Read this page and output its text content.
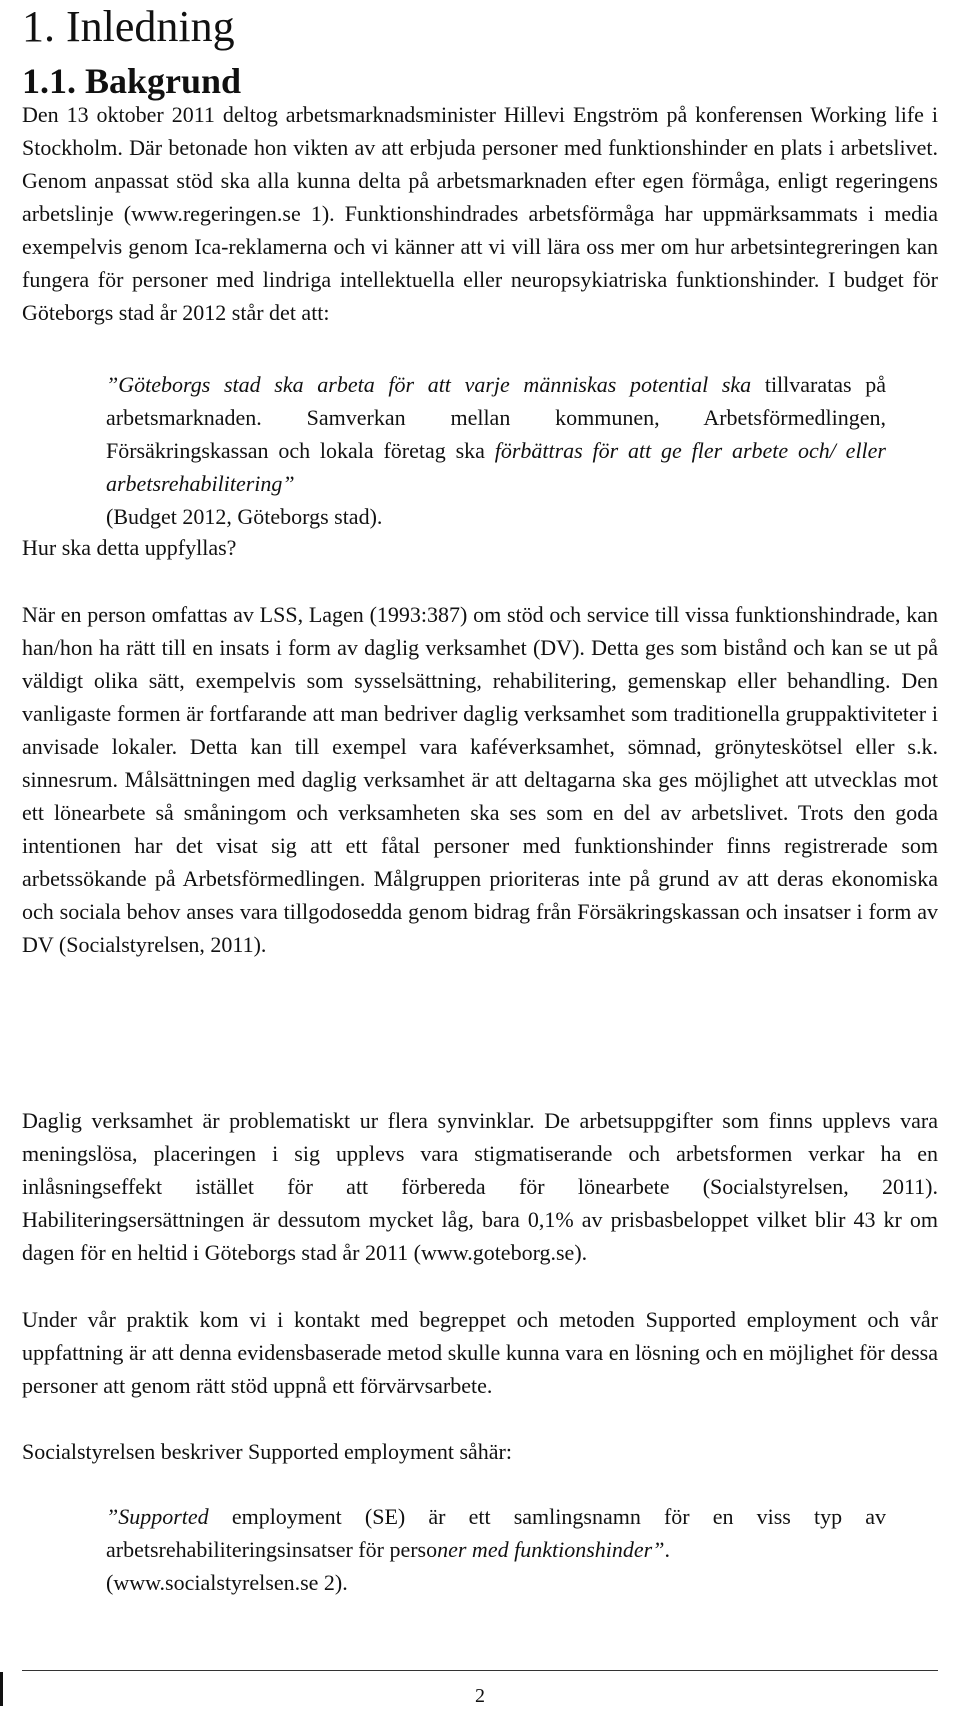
1. Inledning
1.1. Bakgrund

Den 13 oktober 2011 deltog arbetsmarknadsminister Hillevi Engström på konferensen Working life i Stockholm. Där betonade hon vikten av att erbjuda personer med funktionshinder en plats i arbetslivet. Genom anpassat stöd ska alla kunna delta på arbetsmarknaden efter egen förmåga, enligt regeringens arbetslinje (www.regeringen.se 1). Funktionshindrades arbetsförmåga har uppmärksammats i media exempelvis genom Ica-reklamerna och vi känner att vi vill lära oss mer om hur arbetsintegreringen kan fungera för personer med lindriga intellektuella eller neuropsykiatriska funktionshinder. I budget för Göteborgs stad år 2012 står det att:

”Göteborgs stad ska arbeta för att varje människas potential ska tillvaratas på arbetsmarknaden. Samverkan mellan kommunen, Arbetsförmedlingen, Försäkringskassan och lokala företag ska förbättras för att ge fler arbete och/ eller arbetsrehabilitering”
(Budget 2012, Göteborgs stad).

Hur ska detta uppfyllas?

När en person omfattas av LSS, Lagen (1993:387) om stöd och service till vissa funktionshindrade, kan han/hon ha rätt till en insats i form av daglig verksamhet (DV). Detta ges som bistånd och kan se ut på väldigt olika sätt, exempelvis som sysselsättning, rehabilitering, gemenskap eller behandling. Den vanligaste formen är fortfarande att man bedriver daglig verksamhet som traditionella gruppaktiviteter i anvisade lokaler. Detta kan till exempel vara kaféverksamhet, sömnad, grönyteskötsel eller s.k. sinnesrum. Målsättningen med daglig verksamhet är att deltagarna ska ges möjlighet att utvecklas mot ett lönearbete så småningom och verksamheten ska ses som en del av arbetslivet. Trots den goda intentionen har det visat sig att ett fåtal personer med funktionshinder finns registrerade som arbetssökande på Arbetsförmedlingen. Målgruppen prioriteras inte på grund av att deras ekonomiska och sociala behov anses vara tillgodosedda genom bidrag från Försäkringskassan och insatser i form av DV (Socialstyrelsen, 2011).

Daglig verksamhet är problematiskt ur flera synvinklar. De arbetsuppgifter som finns upplevs vara meningslösa, placeringen i sig upplevs vara stigmatiserande och arbetsformen verkar ha en inlåsningseffekt istället för att förbereda för lönearbete (Socialstyrelsen, 2011). Habiliteringsersättningen är dessutom mycket låg, bara 0,1% av prisbasbeloppet vilket blir 43 kr om dagen för en heltid i Göteborgs stad år 2011 (www.goteborg.se).

Under vår praktik kom vi i kontakt med begreppet och metoden Supported employment och vår uppfattning är att denna evidensbaserade metod skulle kunna vara en lösning och en möjlighet för dessa personer att genom rätt stöd uppnå ett förvärvsarbete.

Socialstyrelsen beskriver Supported employment såhär:

”Supported employment (SE) är ett samlingsnamn för en viss typ av arbetsrehabiliteringsinsatser för personer med funktionshinder”.
(www.socialstyrelsen.se 2).

2
